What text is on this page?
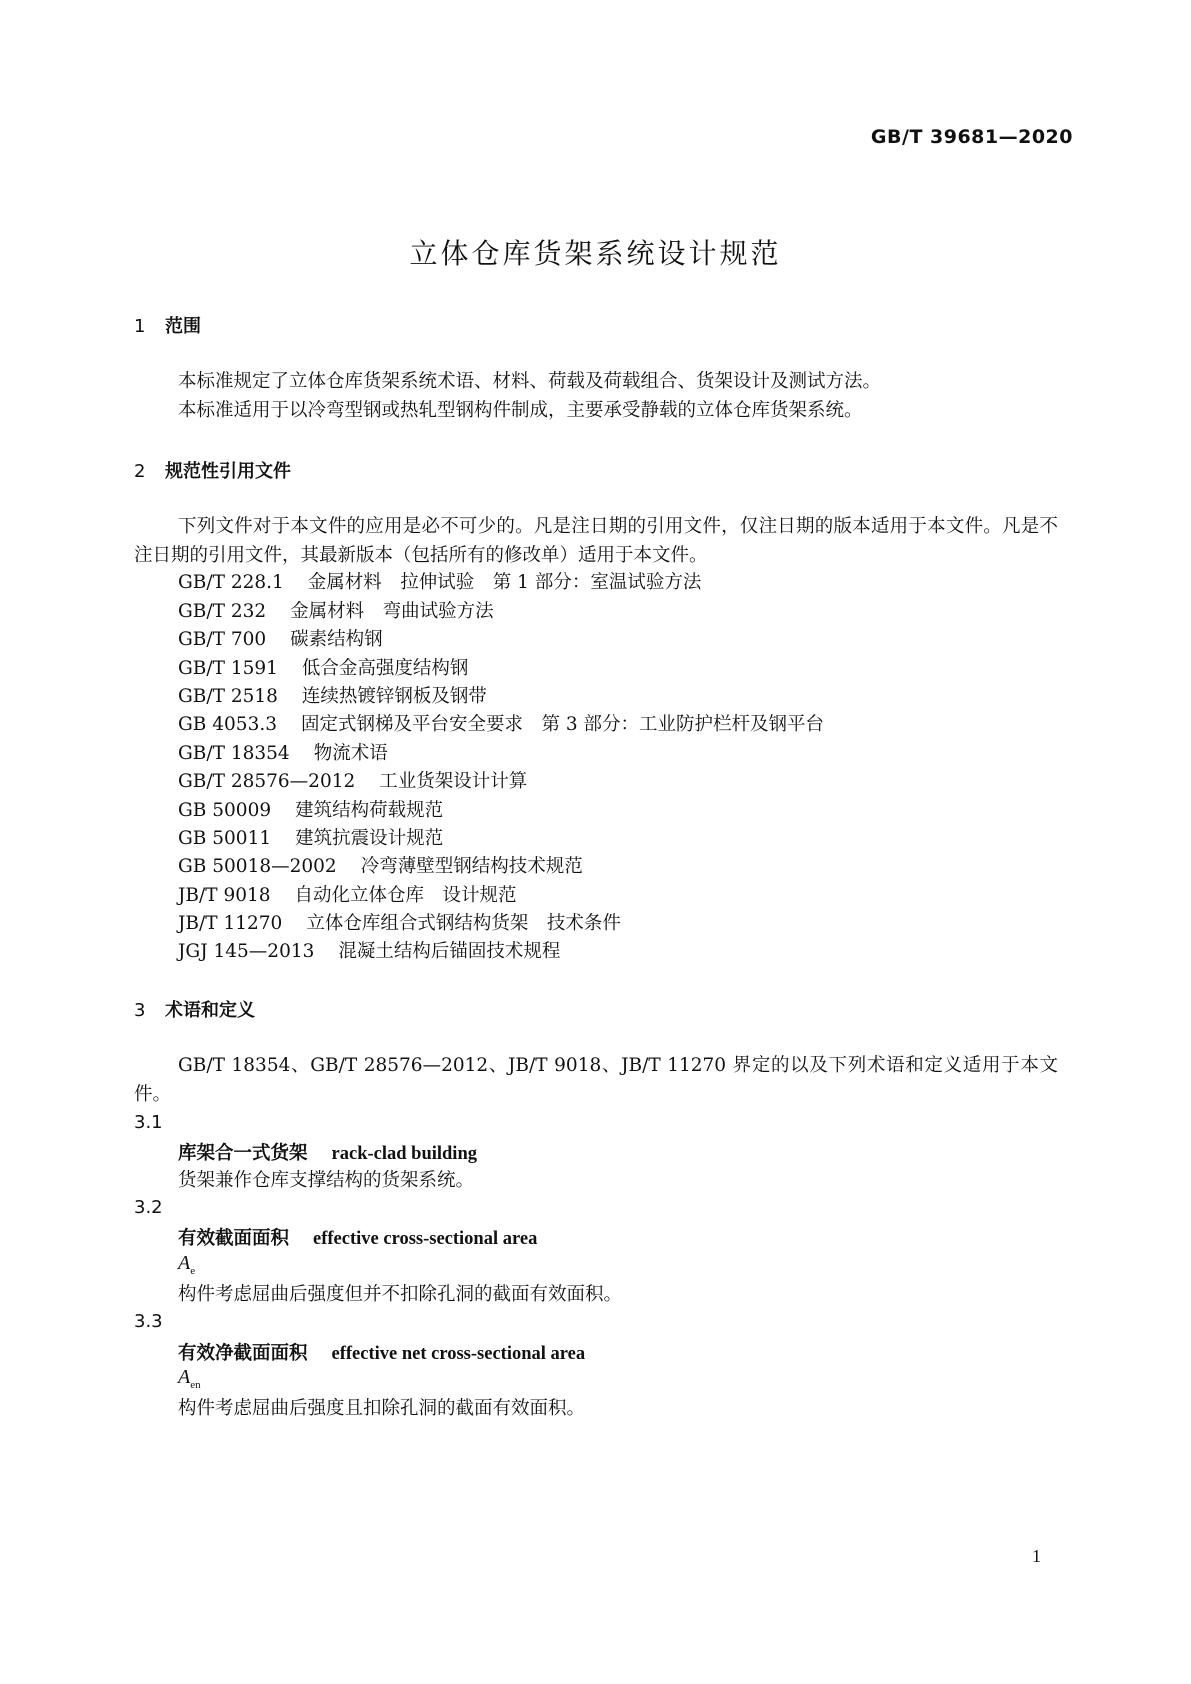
GB/T 39681—2020
立体仓库货架系统设计规范
1 范围
本标准规定了立体仓库货架系统术语、材料、荷载及荷载组合、货架设计及测试方法。
本标准适用于以冷弯型钢或热轧型钢构件制成，主要承受静载的立体仓库货架系统。
2 规范性引用文件
下列文件对于本文件的应用是必不可少的。凡是注日期的引用文件，仅注日期的版本适用于本文件。凡是不注日期的引用文件，其最新版本（包括所有的修改单）适用于本文件。
GB/T 228.1 金属材料　拉伸试验　第 1 部分：室温试验方法
GB/T 232 金属材料　弯曲试验方法
GB/T 700 碳素结构钢
GB/T 1591 低合金高强度结构钢
GB/T 2518 连续热镀锌钢板及钢带
GB 4053.3 固定式钢梯及平台安全要求　第 3 部分：工业防护栏杆及钢平台
GB/T 18354 物流术语
GB/T 28576—2012 工业货架设计计算
GB 50009 建筑结构荷载规范
GB 50011 建筑抗震设计规范
GB 50018—2002 冷弯薄壁型钢结构技术规范
JB/T 9018 自动化立体仓库　设计规范
JB/T 11270 立体仓库组合式钢结构货架　技术条件
JGJ 145—2013 混凝土结构后锚固技术规程
3 术语和定义
GB/T 18354、GB/T 28576—2012、JB/T 9018、JB/T 11270 界定的以及下列术语和定义适用于本文件。
3.1
库架合一式货架 rack-clad building
货架兼作仓库支撑结构的货架系统。
3.2
有效截面面积 effective cross-sectional area
$A_e$
构件考虑屈曲后强度但并不扣除孔洞的截面有效面积。
3.3
有效净截面面积 effective net cross-sectional area
$A_{en}$
构件考虑屈曲后强度且扣除孔洞的截面有效面积。
1
